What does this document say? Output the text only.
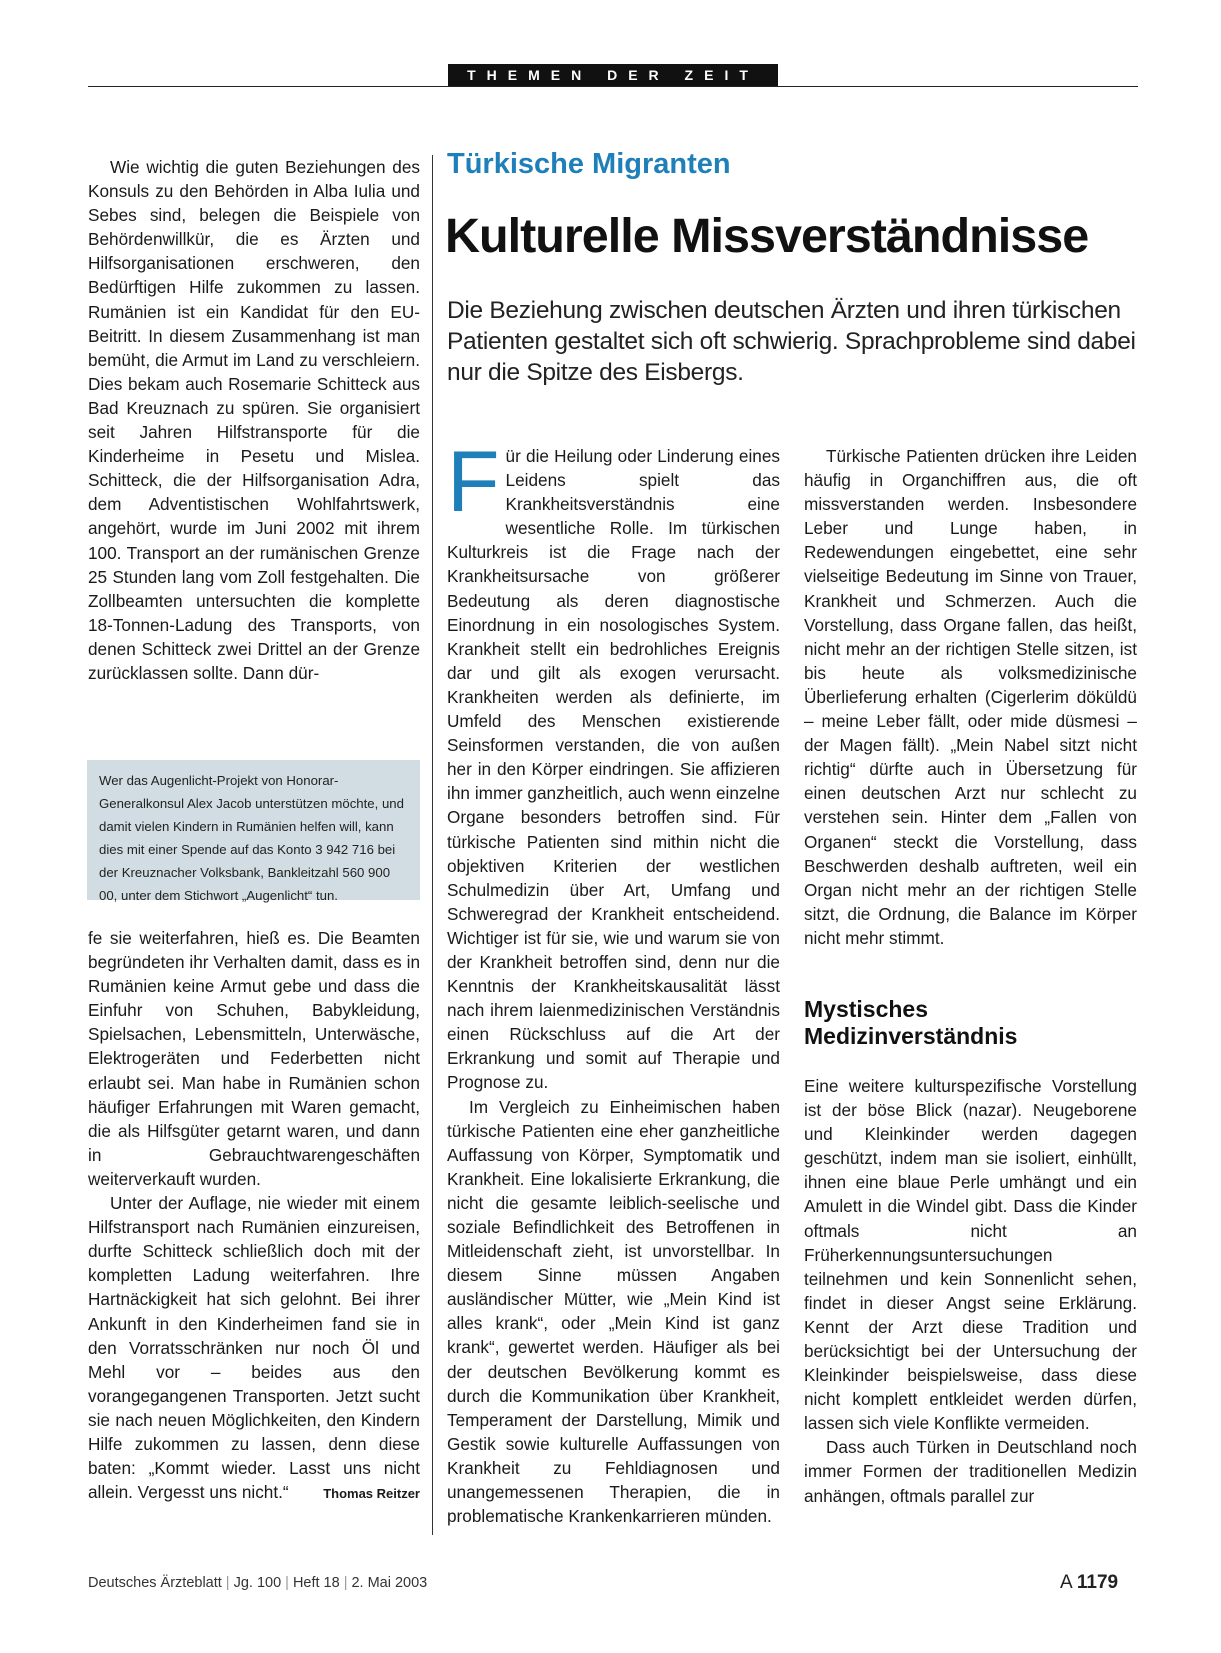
THEMEN DER ZEIT

Wie wichtig die guten Beziehungen des Konsuls zu den Behörden in Alba Iulia und Sebes sind, belegen die Beispiele von Behördenwillkür, die es Ärzten und Hilfsorganisationen erschweren, den Bedürftigen Hilfe zukommen zu lassen. Rumänien ist ein Kandidat für den EU-Beitritt. In diesem Zusammenhang ist man bemüht, die Armut im Land zu verschleiern. Dies bekam auch Rosemarie Schitteck aus Bad Kreuznach zu spüren. Sie organisiert seit Jahren Hilfstransporte für die Kinderheime in Pesetu und Mislea. Schitteck, die der Hilfsorganisation Adra, dem Adventistischen Wohlfahrtswerk, angehört, wurde im Juni 2002 mit ihrem 100. Transport an der rumänischen Grenze 25 Stunden lang vom Zoll festgehalten. Die Zollbeamten untersuchten die komplette 18-Tonnen-Ladung des Transports, von denen Schitteck zwei Drittel an der Grenze zurücklassen sollte. Dann dür-

Wer das Augenlicht-Projekt von Honorar-Generalkonsul Alex Jacob unterstützen möchte, und damit vielen Kindern in Rumänien helfen will, kann dies mit einer Spende auf das Konto 3 942 716 bei der Kreuznacher Volksbank, Bankleitzahl 560 900 00, unter dem Stichwort „Augenlicht“ tun.

fe sie weiterfahren, hieß es. Die Beamten begründeten ihr Verhalten damit, dass es in Rumänien keine Armut gebe und dass die Einfuhr von Schuhen, Babykleidung, Spielsachen, Lebensmitteln, Unterwäsche, Elektrogeräten und Federbetten nicht erlaubt sei. Man habe in Rumänien schon häufiger Erfahrungen mit Waren gemacht, die als Hilfsgüter getarnt waren, und dann in Gebrauchtwarengeschäften weiterverkauft wurden.

Unter der Auflage, nie wieder mit einem Hilfstransport nach Rumänien einzureisen, durfte Schitteck schließlich doch mit der kompletten Ladung weiterfahren. Ihre Hartnäckigkeit hat sich gelohnt. Bei ihrer Ankunft in den Kinderheimen fand sie in den Vorratsschränken nur noch Öl und Mehl vor – beides aus den vorangegangenen Transporten. Jetzt sucht sie nach neuen Möglichkeiten, den Kindern Hilfe zukommen zu lassen, denn diese baten: „Kommt wieder. Lasst uns nicht allein. Vergesst uns nicht.“	Thomas Reitzer

Türkische Migranten
Kulturelle Missverständnisse
Die Beziehung zwischen deutschen Ärzten und ihren türkischen Patienten gestaltet sich oft schwierig. Sprachprobleme sind dabei nur die Spitze des Eisbergs.

Für die Heilung oder Linderung eines Leidens spielt das Krankheitsverständnis eine wesentliche Rolle. Im türkischen Kulturkreis ist die Frage nach der Krankheitsursache von größerer Bedeutung als deren diagnostische Einordnung in ein nosologisches System. Krankheit stellt ein bedrohliches Ereignis dar und gilt als exogen verursacht. Krankheiten werden als definierte, im Umfeld des Menschen existierende Seinsformen verstanden, die von außen her in den Körper eindringen. Sie affizieren ihn immer ganzheitlich, auch wenn einzelne Organe besonders betroffen sind. Für türkische Patienten sind mithin nicht die objektiven Kriterien der westlichen Schulmedizin über Art, Umfang und Schweregrad der Krankheit entscheidend. Wichtiger ist für sie, wie und warum sie von der Krankheit betroffen sind, denn nur die Kenntnis der Krankheitskausalität lässt nach ihrem laienmedizinischen Verständnis einen Rückschluss auf die Art der Erkrankung und somit auf Therapie und Prognose zu.

Im Vergleich zu Einheimischen haben türkische Patienten eine eher ganzheitliche Auffassung von Körper, Symptomatik und Krankheit. Eine lokalisierte Erkrankung, die nicht die gesamte leiblich-seelische und soziale Befindlichkeit des Betroffenen in Mitleidenschaft zieht, ist unvorstellbar. In diesem Sinne müssen Angaben ausländischer Mütter, wie „Mein Kind ist alles krank“, oder „Mein Kind ist ganz krank“, gewertet werden. Häufiger als bei der deutschen Bevölkerung kommt es durch die Kommunikation über Krankheit, Temperament der Darstellung, Mimik und Gestik sowie kulturelle Auffassungen von Krankheit zu Fehldiagnosen und unangemessenen Therapien, die in problematische Krankenkarrieren münden.

Türkische Patienten drücken ihre Leiden häufig in Organchiffren aus, die oft missverstanden werden. Insbesondere Leber und Lunge haben, in Redewendungen eingebettet, eine sehr vielseitige Bedeutung im Sinne von Trauer, Krankheit und Schmerzen. Auch die Vorstellung, dass Organe fallen, das heißt, nicht mehr an der richtigen Stelle sitzen, ist bis heute als volksmedizinische Überlieferung erhalten (Cigerlerim döküldü – meine Leber fällt, oder mide düsmesi – der Magen fällt). „Mein Nabel sitzt nicht richtig“ dürfte auch in Übersetzung für einen deutschen Arzt nur schlecht zu verstehen sein. Hinter dem „Fallen von Organen“ steckt die Vorstellung, dass Beschwerden deshalb auftreten, weil ein Organ nicht mehr an der richtigen Stelle sitzt, die Ordnung, die Balance im Körper nicht mehr stimmt.

Mystisches Medizinverständnis

Eine weitere kulturspezifische Vorstellung ist der böse Blick (nazar). Neugeborene und Kleinkinder werden dagegen geschützt, indem man sie isoliert, einhüllt, ihnen eine blaue Perle umhängt und ein Amulett in die Windel gibt. Dass die Kinder oftmals nicht an Früherkennungsuntersuchungen teilnehmen und kein Sonnenlicht sehen, findet in dieser Angst seine Erklärung. Kennt der Arzt diese Tradition und berücksichtigt bei der Untersuchung der Kleinkinder beispielsweise, dass diese nicht komplett entkleidet werden dürfen, lassen sich viele Konflikte vermeiden.

Dass auch Türken in Deutschland noch immer Formen der traditionellen Medizin anhängen, oftmals parallel zur

Deutsches Ärzteblatt | Jg. 100 | Heft 18 | 2. Mai 2003	A 1179
